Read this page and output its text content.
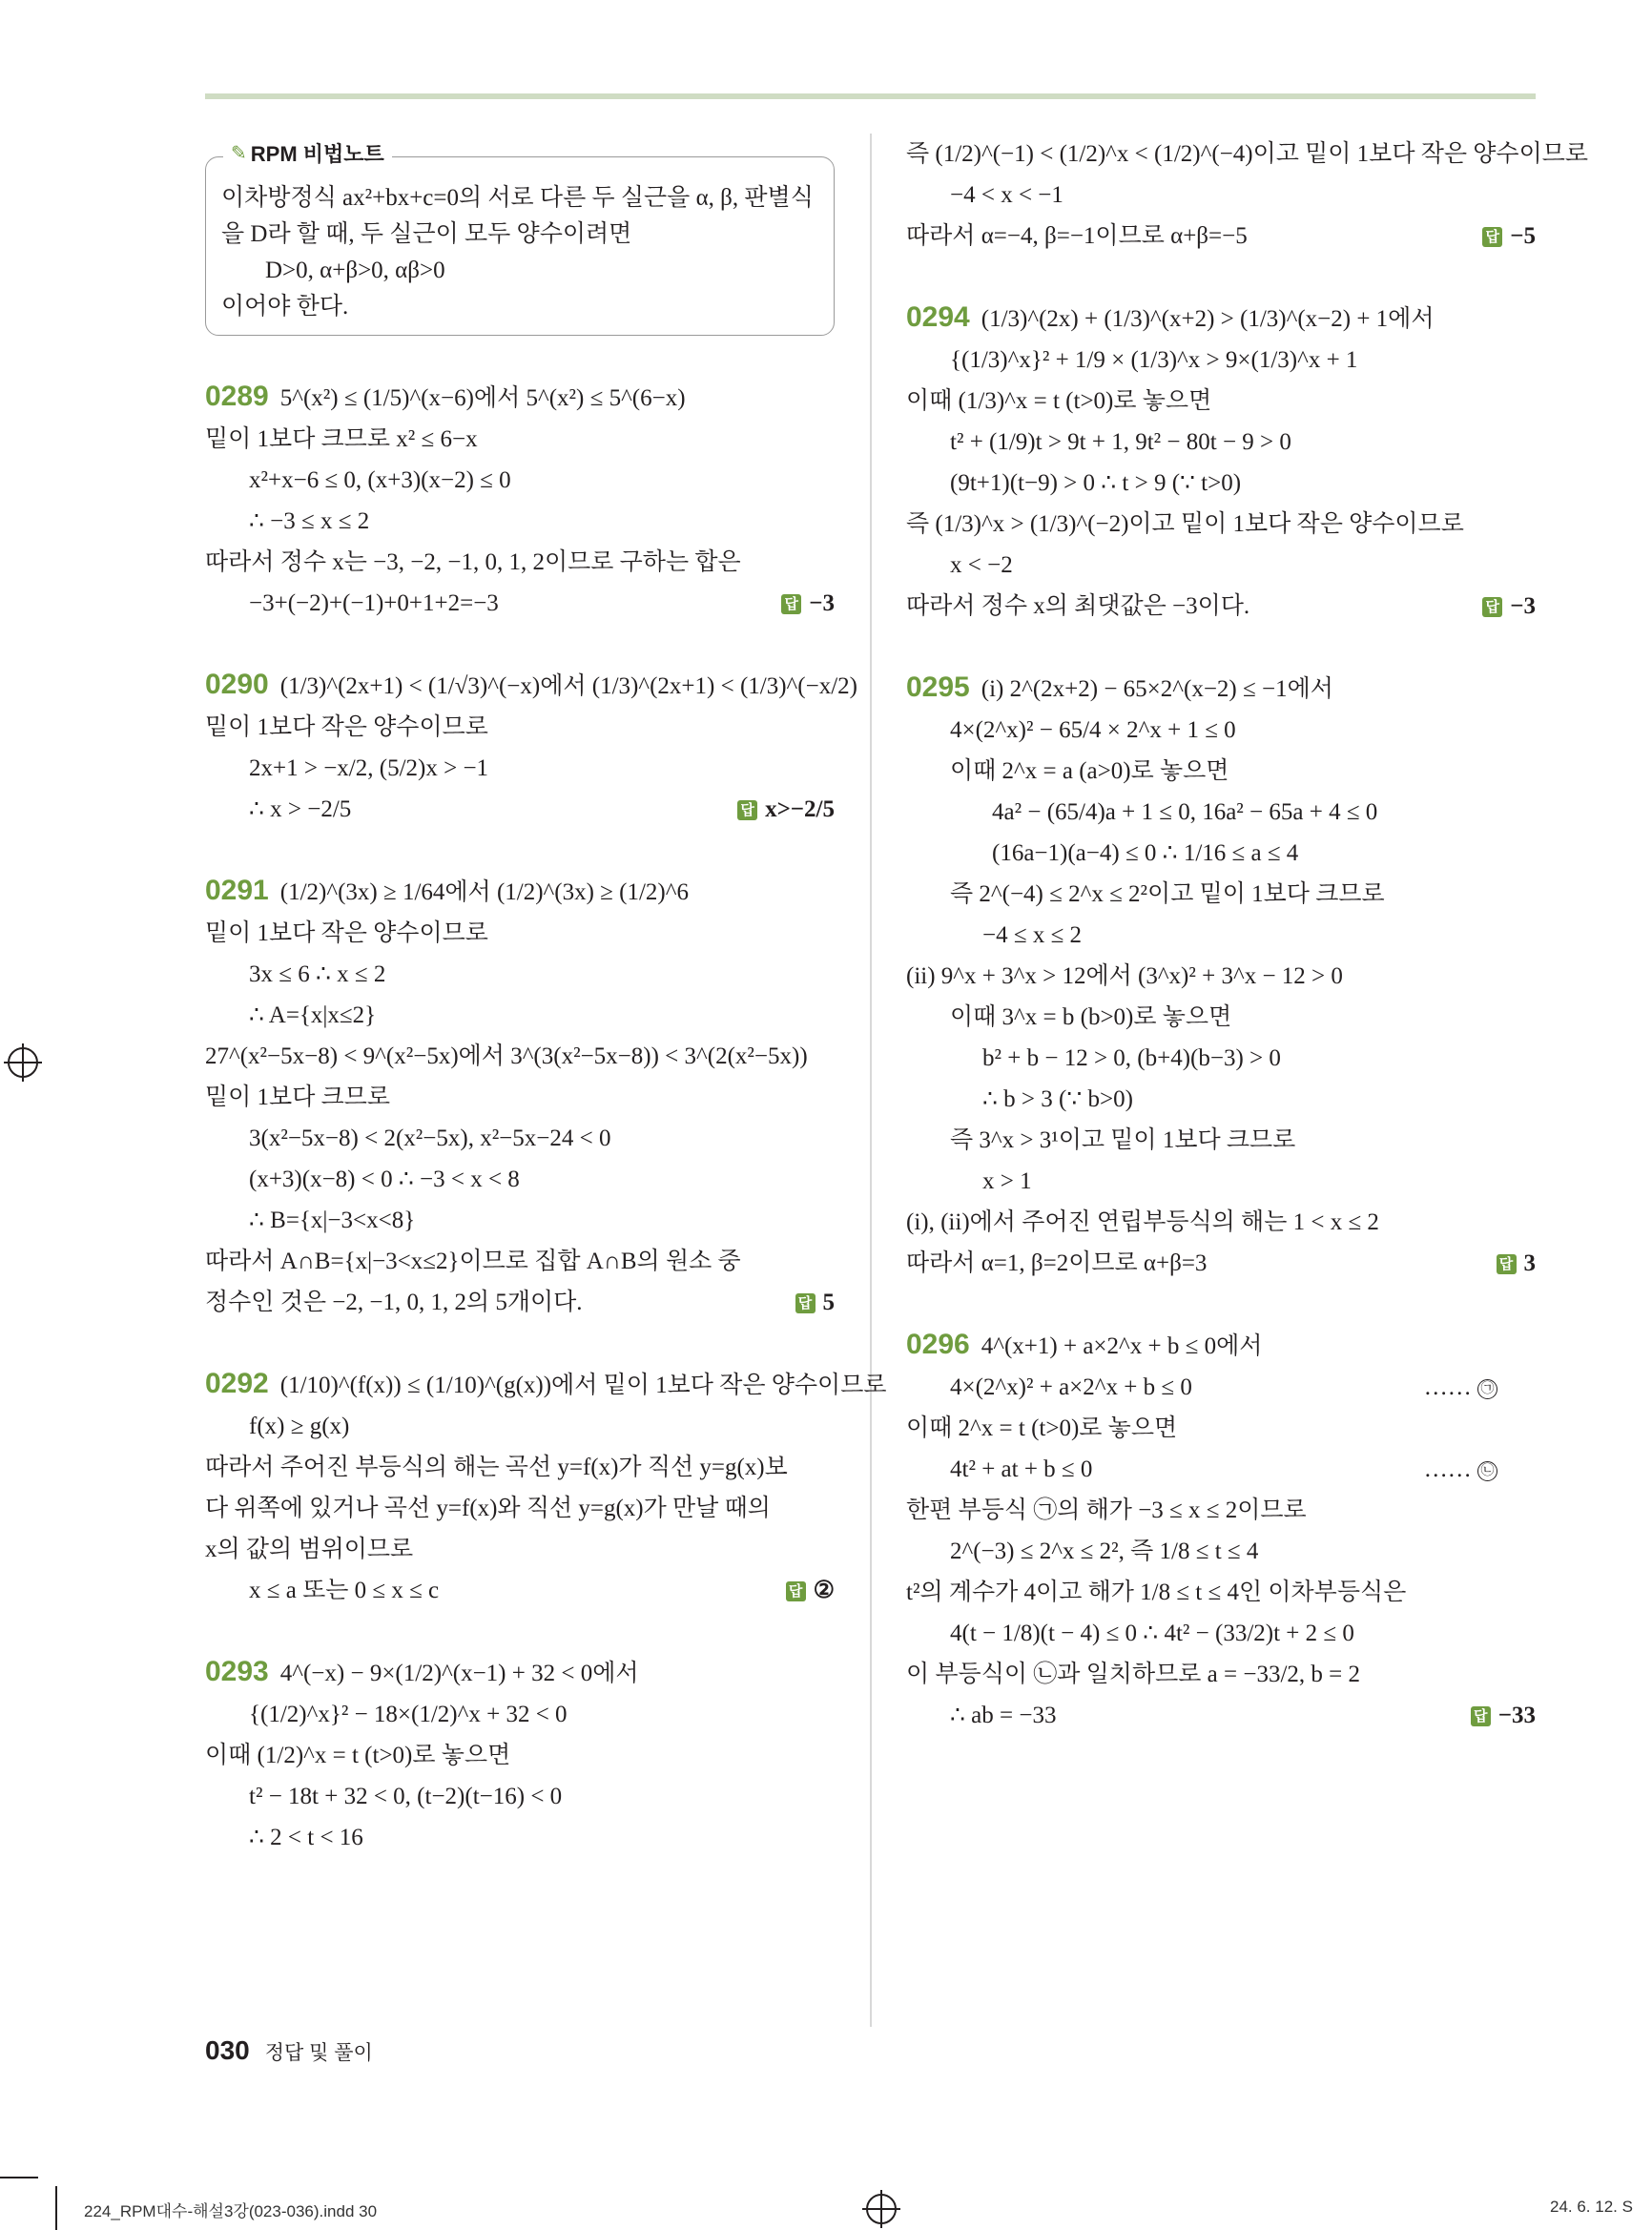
✎ RPM 비법노트
이차방정식 ax²+bx+c=0의 서로 다른 두 실근을 α, β, 판별식
을 D라 할 때, 두 실근이 모두 양수이려면
D>0, α+β>0, αβ>0
이어야 한다.
0289 5^(x²) ≤ (1/5)^(x−6)에서 5^(x²) ≤ 5^(6−x)
밑이 1보다 크므로 x² ≤ 6−x
x²+x−6 ≤ 0, (x+3)(x−2) ≤ 0
∴ −3 ≤ x ≤ 2
따라서 정수 x는 −3, −2, −1, 0, 1, 2이므로 구하는 합은
−3+(−2)+(−1)+0+1+2=−3	답 −3
0290 (1/3)^(2x+1) < (1/√3)^(−x)에서 (1/3)^(2x+1) < (1/3)^(−x/2)
밑이 1보다 작은 양수이므로
2x+1 > −x/2, (5/2)x > −1
∴ x > −2/5	답 x>−2/5
0291 (1/2)^(3x) ≥ 1/64에서 (1/2)^(3x) ≥ (1/2)^6
밑이 1보다 작은 양수이므로
3x ≤ 6 ∴ x ≤ 2
∴ A={x|x≤2}
27^(x²−5x−8) < 9^(x²−5x)에서 3^(3(x²−5x−8)) < 3^(2(x²−5x))
밑이 1보다 크므로
3(x²−5x−8) < 2(x²−5x), x²−5x−24 < 0
(x+3)(x−8) < 0 ∴ −3 < x < 8
∴ B={x|−3<x<8}
따라서 A∩B={x|−3<x≤2}이므로 집합 A∩B의 원소 중
정수인 것은 −2, −1, 0, 1, 2의 5개이다.	답 5
0292 (1/10)^(f(x)) ≤ (1/10)^(g(x))에서 밑이 1보다 작은 양수이므로
f(x) ≥ g(x)
따라서 주어진 부등식의 해는 곡선 y=f(x)가 직선 y=g(x)보
다 위쪽에 있거나 곡선 y=f(x)와 직선 y=g(x)가 만날 때의
x의 값의 범위이므로
x ≤ a 또는 0 ≤ x ≤ c	답 ②
0293 4^(−x) − 9×(1/2)^(x−1) + 32 < 0에서
{(1/2)^x}² − 18×(1/2)^x + 32 < 0
이때 (1/2)^x = t (t>0)로 놓으면
t² − 18t + 32 < 0, (t−2)(t−16) < 0
∴ 2 < t < 16
즉 (1/2)^(−1) < (1/2)^x < (1/2)^(−4)이고 밑이 1보다 작은 양수이므로
−4 < x < −1
따라서 α=−4, β=−1이므로 α+β=−5	답 −5
0294 (1/3)^(2x) + (1/3)^(x+2) > (1/3)^(x−2) + 1에서
{(1/3)^x}² + 1/9 × (1/3)^x > 9×(1/3)^x + 1
이때 (1/3)^x = t (t>0)로 놓으면
t² + (1/9)t > 9t + 1, 9t² − 80t − 9 > 0
(9t+1)(t−9) > 0 ∴ t > 9 (∵ t>0)
즉 (1/3)^x > (1/3)^(−2)이고 밑이 1보다 작은 양수이므로
x < −2
따라서 정수 x의 최댓값은 −3이다.	답 −3
0295 (i) 2^(2x+2) − 65×2^(x−2) ≤ −1에서
4×(2^x)² − 65/4 × 2^x + 1 ≤ 0
이때 2^x = a (a>0)로 놓으면
4a² − (65/4)a + 1 ≤ 0, 16a² − 65a + 4 ≤ 0
(16a−1)(a−4) ≤ 0 ∴ 1/16 ≤ a ≤ 4
즉 2^(−4) ≤ 2^x ≤ 2²이고 밑이 1보다 크므로
−4 ≤ x ≤ 2
(ii) 9^x + 3^x > 12에서 (3^x)² + 3^x − 12 > 0
이때 3^x = b (b>0)로 놓으면
b² + b − 12 > 0, (b+4)(b−3) > 0
∴ b > 3 (∵ b>0)
즉 3^x > 3¹이고 밑이 1보다 크므로
x > 1
(i), (ii)에서 주어진 연립부등식의 해는 1 < x ≤ 2
따라서 α=1, β=2이므로 α+β=3	답 3
0296 4^(x+1) + a×2^x + b ≤ 0에서
4×(2^x)² + a×2^x + b ≤ 0	…… ㉠
이때 2^x = t (t>0)로 놓으면
4t² + at + b ≤ 0	…… ㉡
한편 부등식 ㉠의 해가 −3 ≤ x ≤ 2이므로
2^(−3) ≤ 2^x ≤ 2², 즉 1/8 ≤ t ≤ 4
t²의 계수가 4이고 해가 1/8 ≤ t ≤ 4인 이차부등식은
4(t − 1/8)(t − 4) ≤ 0 ∴ 4t² − (33/2)t + 2 ≤ 0
이 부등식이 ㉡과 일치하므로 a = −33/2, b = 2
∴ ab = −33	답 −33
030 정답 및 풀이
224_RPM대수-해설3강(023-036).indd 30	24. 6. 12. S
